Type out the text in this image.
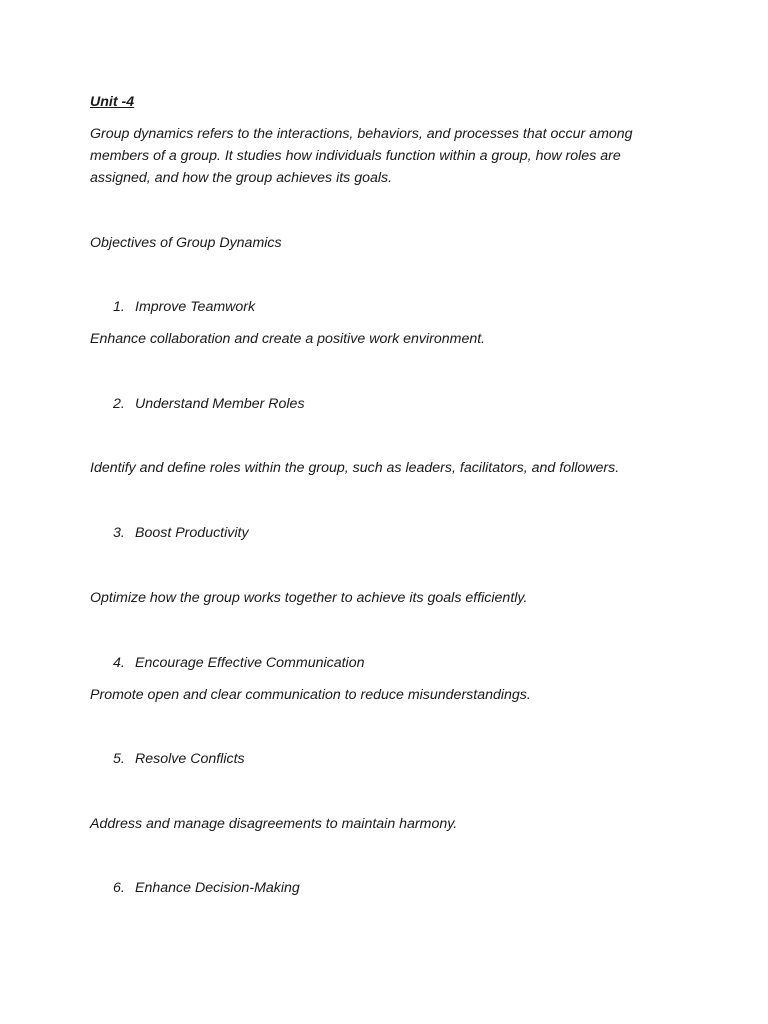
Unit -4
Group dynamics refers to the interactions, behaviors, and processes that occur among
members of a group. It studies how individuals function within a group, how roles are
assigned, and how the group achieves its goals.
Objectives of Group Dynamics
1. Improve Teamwork
Enhance collaboration and create a positive work environment.
2. Understand Member Roles
Identify and define roles within the group, such as leaders, facilitators, and followers.
3. Boost Productivity
Optimize how the group works together to achieve its goals efficiently.
4. Encourage Effective Communication
Promote open and clear communication to reduce misunderstandings.
5. Resolve Conflicts
Address and manage disagreements to maintain harmony.
6. Enhance Decision-Making
